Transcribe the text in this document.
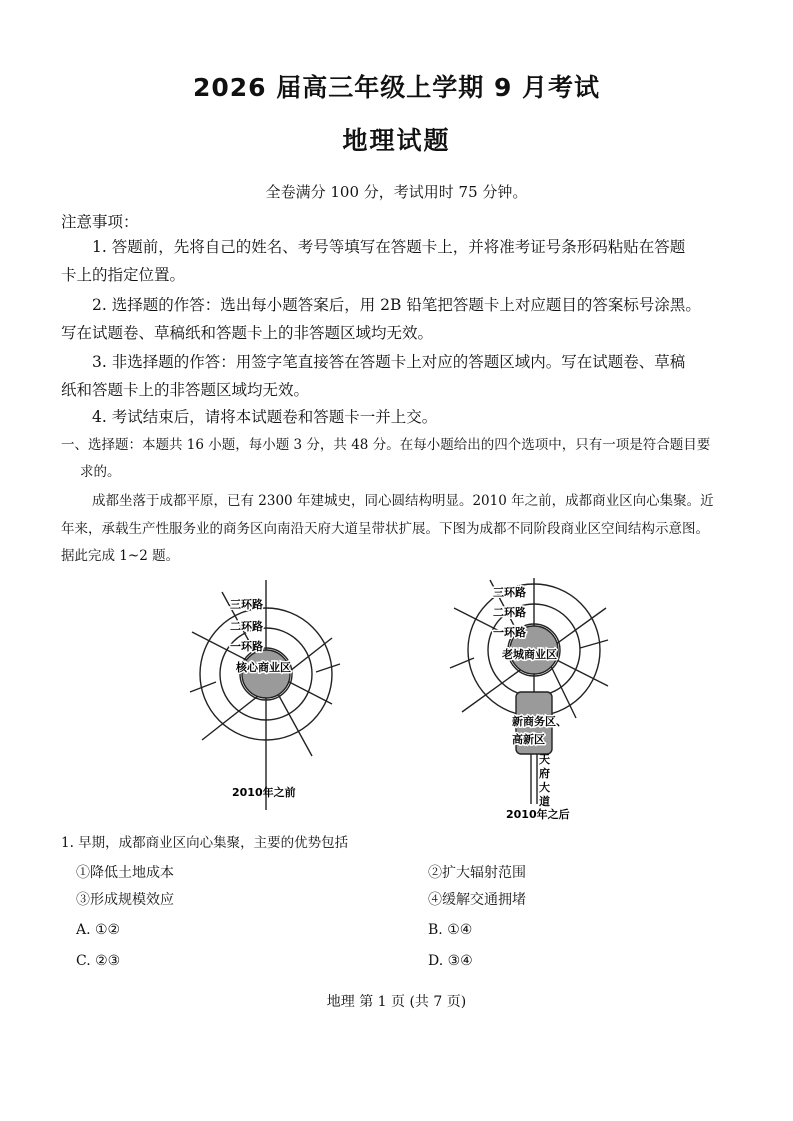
2026 届高三年级上学期 9 月考试
地理试题
全卷满分 100 分，考试用时 75 分钟。
注意事项：
1. 答题前，先将自己的姓名、考号等填写在答题卡上，并将准考证号条形码粘贴在答题
卡上的指定位置。
2. 选择题的作答：选出每小题答案后，用 2B 铅笔把答题卡上对应题目的答案标号涂黑。
写在试题卷、草稿纸和答题卡上的非答题区域均无效。
3. 非选择题的作答：用签字笔直接答在答题卡上对应的答题区域内。写在试题卷、草稿
纸和答题卡上的非答题区域均无效。
4. 考试结束后，请将本试题卷和答题卡一并上交。
一、选择题：本题共 16 小题，每小题 3 分，共 48 分。在每小题给出的四个选项中，只有一项是符合题目要
求的。
成都坐落于成都平原，已有 2300 年建城史，同心圆结构明显。2010 年之前，成都商业区向心集聚。近
年来，承载生产性服务业的商务区向南沿天府大道呈带状扩展。下图为成都不同阶段商业区空间结构示意图。
据此完成 1~2 题。
三环路
二环路
一环路
核心商业区
2010年之前
三环路
二环路
一环路
老城商业区
新商务区、
高新区
天
府
大
道
2010年之后
1. 早期，成都商业区向心集聚，主要的优势包括
①降低土地成本	②扩大辐射范围
③形成规模效应	④缓解交通拥堵
A. ①②	B. ①④
C. ②③	D. ③④
地理 第 1 页 (共 7 页)
